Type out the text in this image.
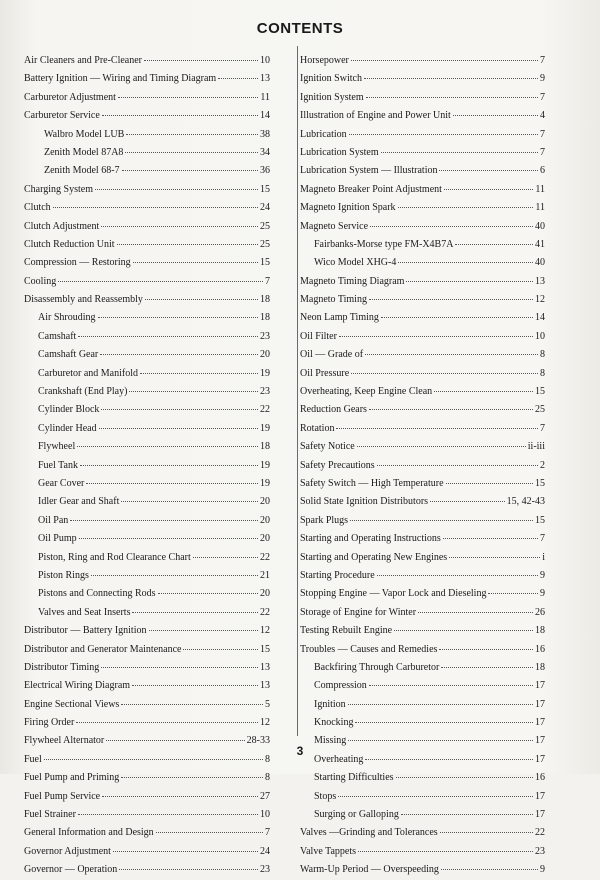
CONTENTS
Air Cleaners and Pre-Cleaner	10
Battery Ignition — Wiring and Timing Diagram	13
Carburetor Adjustment	11
Carburetor Service	14
Walbro Model LUB	38
Zenith Model 87A8	34
Zenith Model 68-7	36
Charging System	15
Clutch	24
Clutch Adjustment	25
Clutch Reduction Unit	25
Compression — Restoring	15
Cooling	7
Disassembly and Reassembly	18
Air Shrouding	18
Camshaft	23
Camshaft Gear	20
Carburetor and Manifold	19
Crankshaft (End Play)	23
Cylinder Block	22
Cylinder Head	19
Flywheel	18
Fuel Tank	19
Gear Cover	19
Idler Gear and Shaft	20
Oil Pan	20
Oil Pump	20
Piston, Ring and Rod Clearance Chart	22
Piston Rings	21
Pistons and Connecting Rods	20
Valves and Seat Inserts	22
Distributor — Battery Ignition	12
Distributor and Generator Maintenance	15
Distributor Timing	13
Electrical Wiring Diagram	13
Engine Sectional Views	5
Firing Order	12
Flywheel Alternator	28-33
Fuel	8
Fuel Pump and Priming	8
Fuel Pump Service	27
Fuel Strainer	10
General Information and Design	7
Governor Adjustment	24
Governor — Operation	23
Horsepower	7
Ignition Switch	9
Ignition System	7
Illustration of Engine and Power Unit	4
Lubrication	7
Lubrication System	7
Lubrication System — Illustration	6
Magneto Breaker Point Adjustment	11
Magneto Ignition Spark	11
Magneto Service	40
Fairbanks-Morse type FM-X4B7A	41
Wico Model XHG-4	40
Magneto Timing Diagram	13
Magneto Timing	12
Neon Lamp Timing	14
Oil Filter	10
Oil — Grade of	8
Oil Pressure	8
Overheating, Keep Engine Clean	15
Reduction Gears	25
Rotation	7
Safety Notice	ii-iii
Safety Precautions	2
Safety Switch — High Temperature	15
Solid State Ignition Distributors	15, 42-43
Spark Plugs	15
Starting and Operating Instructions	7
Starting and Operating New Engines	i
Starting Procedure	9
Stopping Engine — Vapor Lock and Dieseling	9
Storage of Engine for Winter	26
Testing Rebuilt Engine	18
Troubles — Causes and Remedies	16
Backfiring Through Carburetor	18
Compression	17
Ignition	17
Knocking	17
Missing	17
Overheating	17
Starting Difficulties	16
Stops	17
Surging or Galloping	17
Valves —Grinding and Tolerances	22
Valve Tappets	23
Warm-Up Period — Overspeeding	9
3
